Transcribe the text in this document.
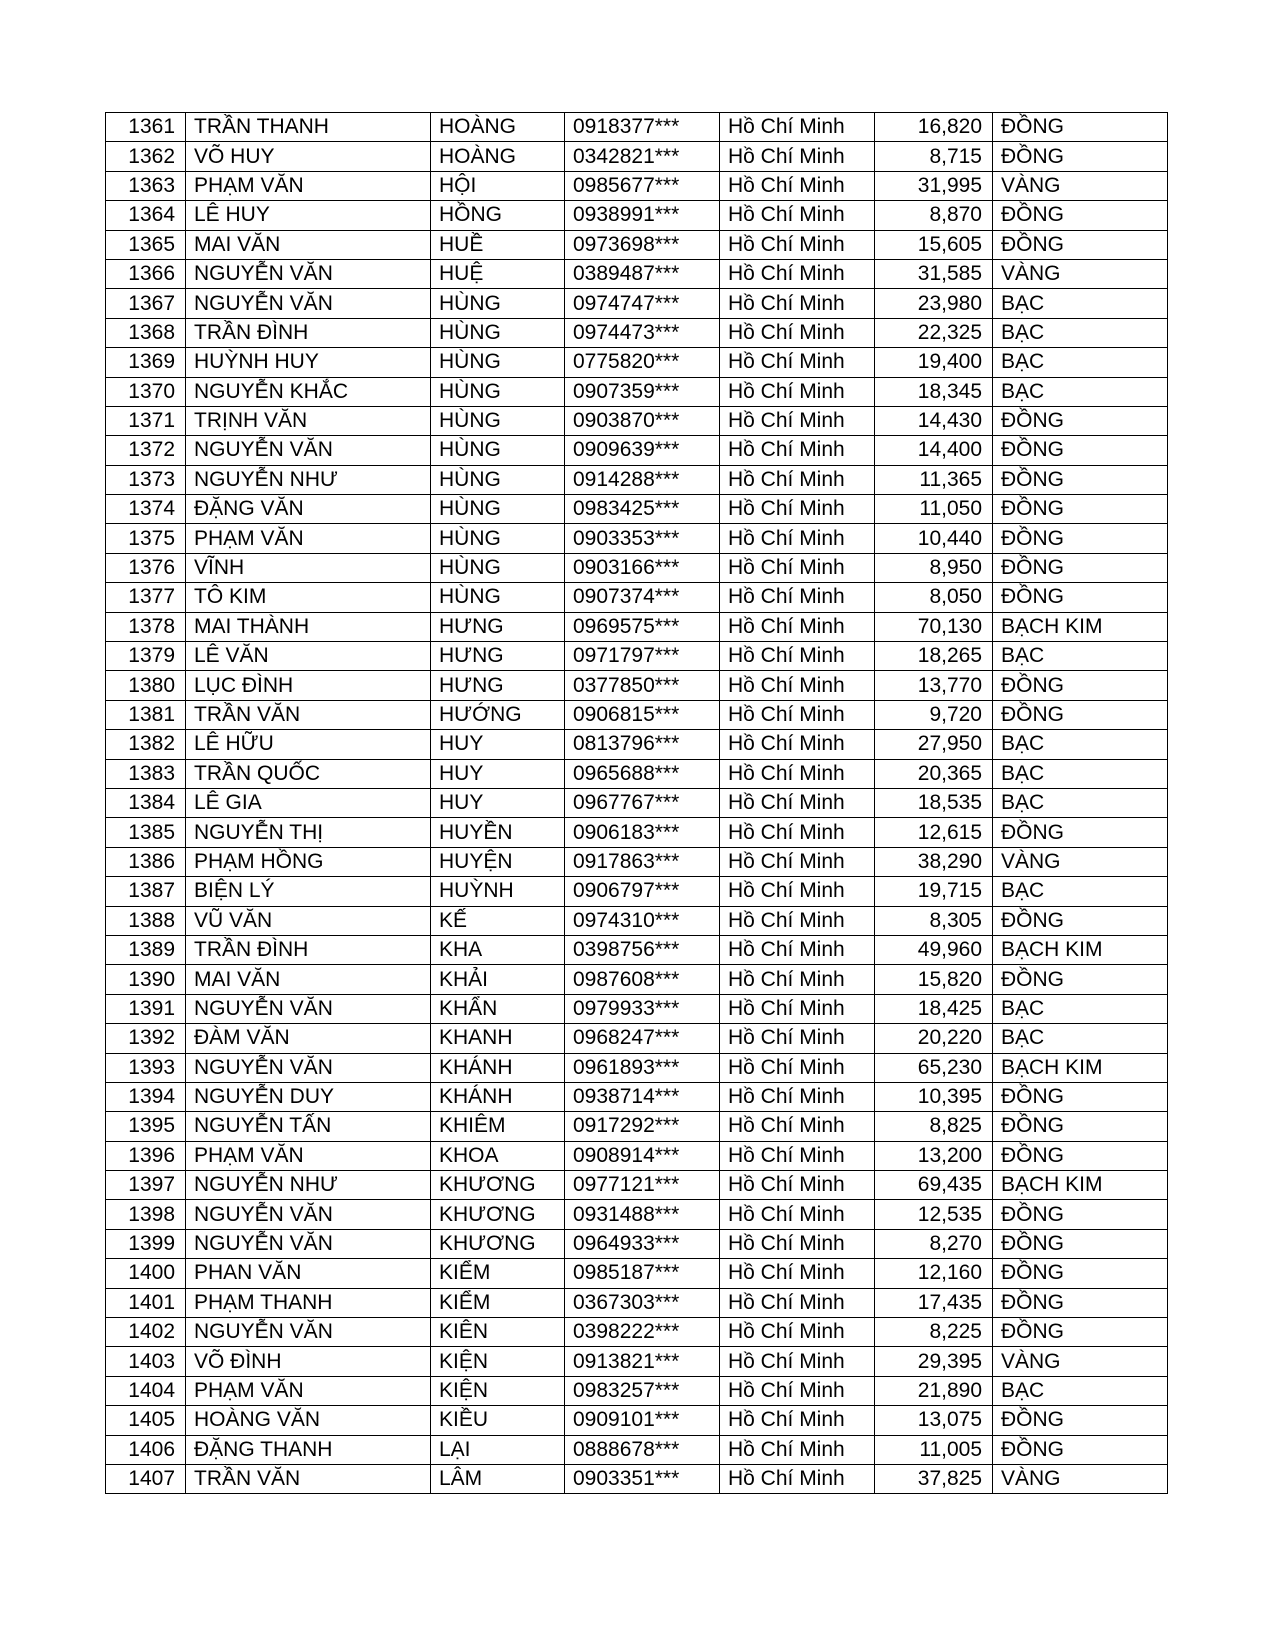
1361	TRẦN THANH	HOÀNG	0918377***	Hồ Chí Minh	16,820	ĐỒNG
1362	VÕ HUY	HOÀNG	0342821***	Hồ Chí Minh	8,715	ĐỒNG
1363	PHẠM VĂN	HỘI	0985677***	Hồ Chí Minh	31,995	VÀNG
1364	LÊ HUY	HỒNG	0938991***	Hồ Chí Minh	8,870	ĐỒNG
1365	MAI VĂN	HUỀ	0973698***	Hồ Chí Minh	15,605	ĐỒNG
1366	NGUYỄN VĂN	HUỆ	0389487***	Hồ Chí Minh	31,585	VÀNG
1367	NGUYỄN VĂN	HÙNG	0974747***	Hồ Chí Minh	23,980	BẠC
1368	TRẦN ĐÌNH	HÙNG	0974473***	Hồ Chí Minh	22,325	BẠC
1369	HUỲNH HUY	HÙNG	0775820***	Hồ Chí Minh	19,400	BẠC
1370	NGUYỄN KHẮC	HÙNG	0907359***	Hồ Chí Minh	18,345	BẠC
1371	TRỊNH VĂN	HÙNG	0903870***	Hồ Chí Minh	14,430	ĐỒNG
1372	NGUYỄN VĂN	HÙNG	0909639***	Hồ Chí Minh	14,400	ĐỒNG
1373	NGUYỄN NHƯ	HÙNG	0914288***	Hồ Chí Minh	11,365	ĐỒNG
1374	ĐẶNG VĂN	HÙNG	0983425***	Hồ Chí Minh	11,050	ĐỒNG
1375	PHẠM VĂN	HÙNG	0903353***	Hồ Chí Minh	10,440	ĐỒNG
1376	VĨNH	HÙNG	0903166***	Hồ Chí Minh	8,950	ĐỒNG
1377	TÔ KIM	HÙNG	0907374***	Hồ Chí Minh	8,050	ĐỒNG
1378	MAI THÀNH	HƯNG	0969575***	Hồ Chí Minh	70,130	BẠCH KIM
1379	LÊ VĂN	HƯNG	0971797***	Hồ Chí Minh	18,265	BẠC
1380	LỤC ĐÌNH	HƯNG	0377850***	Hồ Chí Minh	13,770	ĐỒNG
1381	TRẦN VĂN	HƯỚNG	0906815***	Hồ Chí Minh	9,720	ĐỒNG
1382	LÊ HỮU	HUY	0813796***	Hồ Chí Minh	27,950	BẠC
1383	TRẦN QUỐC	HUY	0965688***	Hồ Chí Minh	20,365	BẠC
1384	LÊ GIA	HUY	0967767***	Hồ Chí Minh	18,535	BẠC
1385	NGUYỄN THỊ	HUYỀN	0906183***	Hồ Chí Minh	12,615	ĐỒNG
1386	PHẠM HỒNG	HUYỆN	0917863***	Hồ Chí Minh	38,290	VÀNG
1387	BIỆN LÝ	HUỲNH	0906797***	Hồ Chí Minh	19,715	BẠC
1388	VŨ VĂN	KẾ	0974310***	Hồ Chí Minh	8,305	ĐỒNG
1389	TRẦN ĐÌNH	KHA	0398756***	Hồ Chí Minh	49,960	BẠCH KIM
1390	MAI VĂN	KHẢI	0987608***	Hồ Chí Minh	15,820	ĐỒNG
1391	NGUYỄN VĂN	KHẨN	0979933***	Hồ Chí Minh	18,425	BẠC
1392	ĐÀM VĂN	KHANH	0968247***	Hồ Chí Minh	20,220	BẠC
1393	NGUYỄN VĂN	KHÁNH	0961893***	Hồ Chí Minh	65,230	BẠCH KIM
1394	NGUYỄN DUY	KHÁNH	0938714***	Hồ Chí Minh	10,395	ĐỒNG
1395	NGUYỄN TẤN	KHIÊM	0917292***	Hồ Chí Minh	8,825	ĐỒNG
1396	PHẠM VĂN	KHOA	0908914***	Hồ Chí Minh	13,200	ĐỒNG
1397	NGUYỄN NHƯ	KHƯƠNG	0977121***	Hồ Chí Minh	69,435	BẠCH KIM
1398	NGUYỄN VĂN	KHƯƠNG	0931488***	Hồ Chí Minh	12,535	ĐỒNG
1399	NGUYỄN VĂN	KHƯƠNG	0964933***	Hồ Chí Minh	8,270	ĐỒNG
1400	PHAN VĂN	KIỂM	0985187***	Hồ Chí Minh	12,160	ĐỒNG
1401	PHẠM THANH	KIỂM	0367303***	Hồ Chí Minh	17,435	ĐỒNG
1402	NGUYỄN VĂN	KIÊN	0398222***	Hồ Chí Minh	8,225	ĐỒNG
1403	VÕ ĐÌNH	KIỆN	0913821***	Hồ Chí Minh	29,395	VÀNG
1404	PHẠM VĂN	KIỆN	0983257***	Hồ Chí Minh	21,890	BẠC
1405	HOÀNG VĂN	KIỀU	0909101***	Hồ Chí Minh	13,075	ĐỒNG
1406	ĐẶNG THANH	LẠI	0888678***	Hồ Chí Minh	11,005	ĐỒNG
1407	TRẦN VĂN	LÂM	0903351***	Hồ Chí Minh	37,825	VÀNG
